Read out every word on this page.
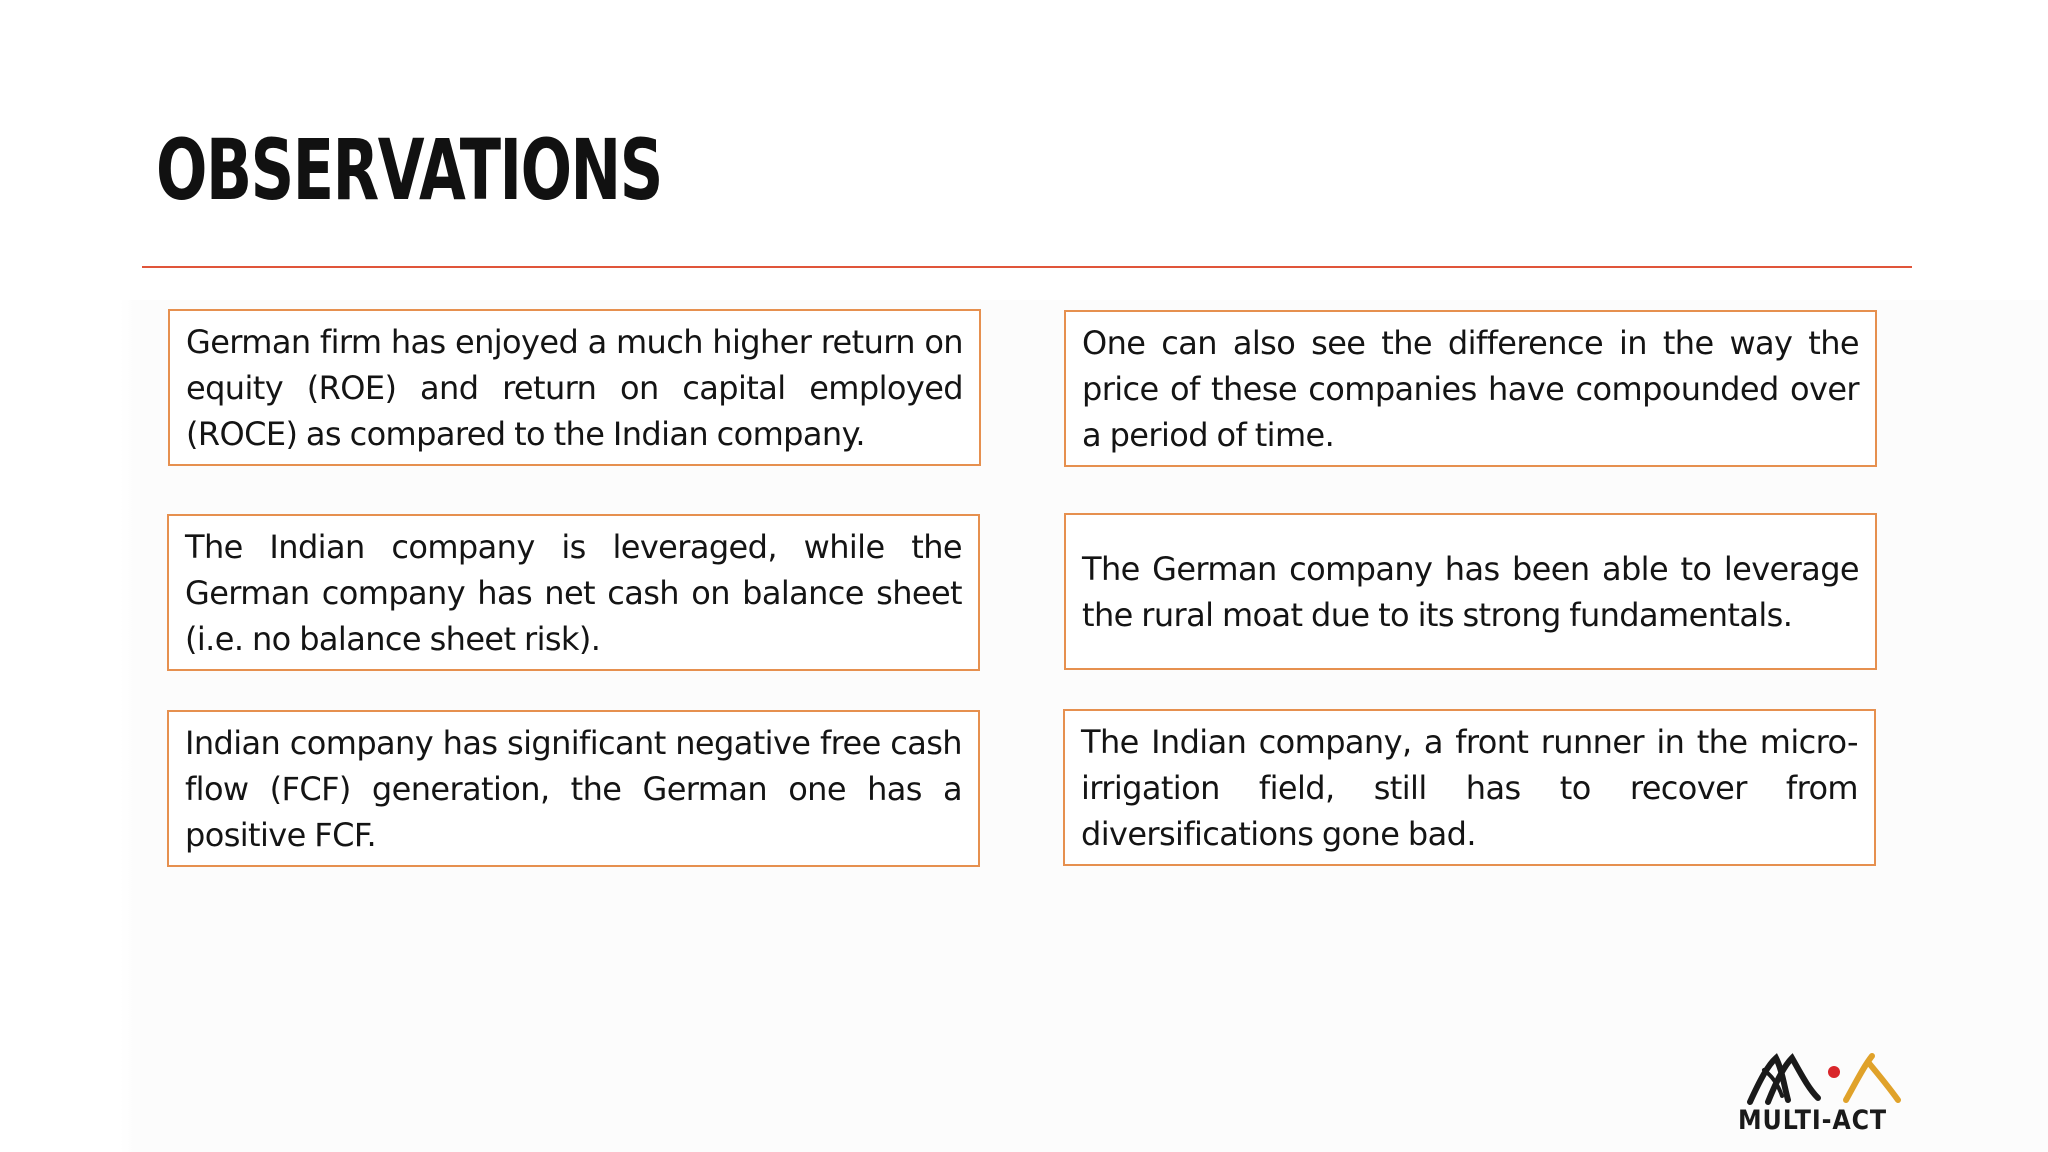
OBSERVATIONS
German firm has enjoyed a much higher return on equity (ROE) and return on capital employed (ROCE) as compared to the Indian company.
One can also see the difference in the way the price of these companies have compounded over a period of time.
The Indian company is leveraged, while the German company has net cash on balance sheet (i.e. no balance sheet risk).
The German company has been able to leverage the rural moat due to its strong fundamentals.
Indian company has significant negative free cash flow (FCF) generation, the German one has a positive FCF.
The Indian company, a front runner in the micro-irrigation field, still has to recover from diversifications gone bad.
MULTI-ACT
